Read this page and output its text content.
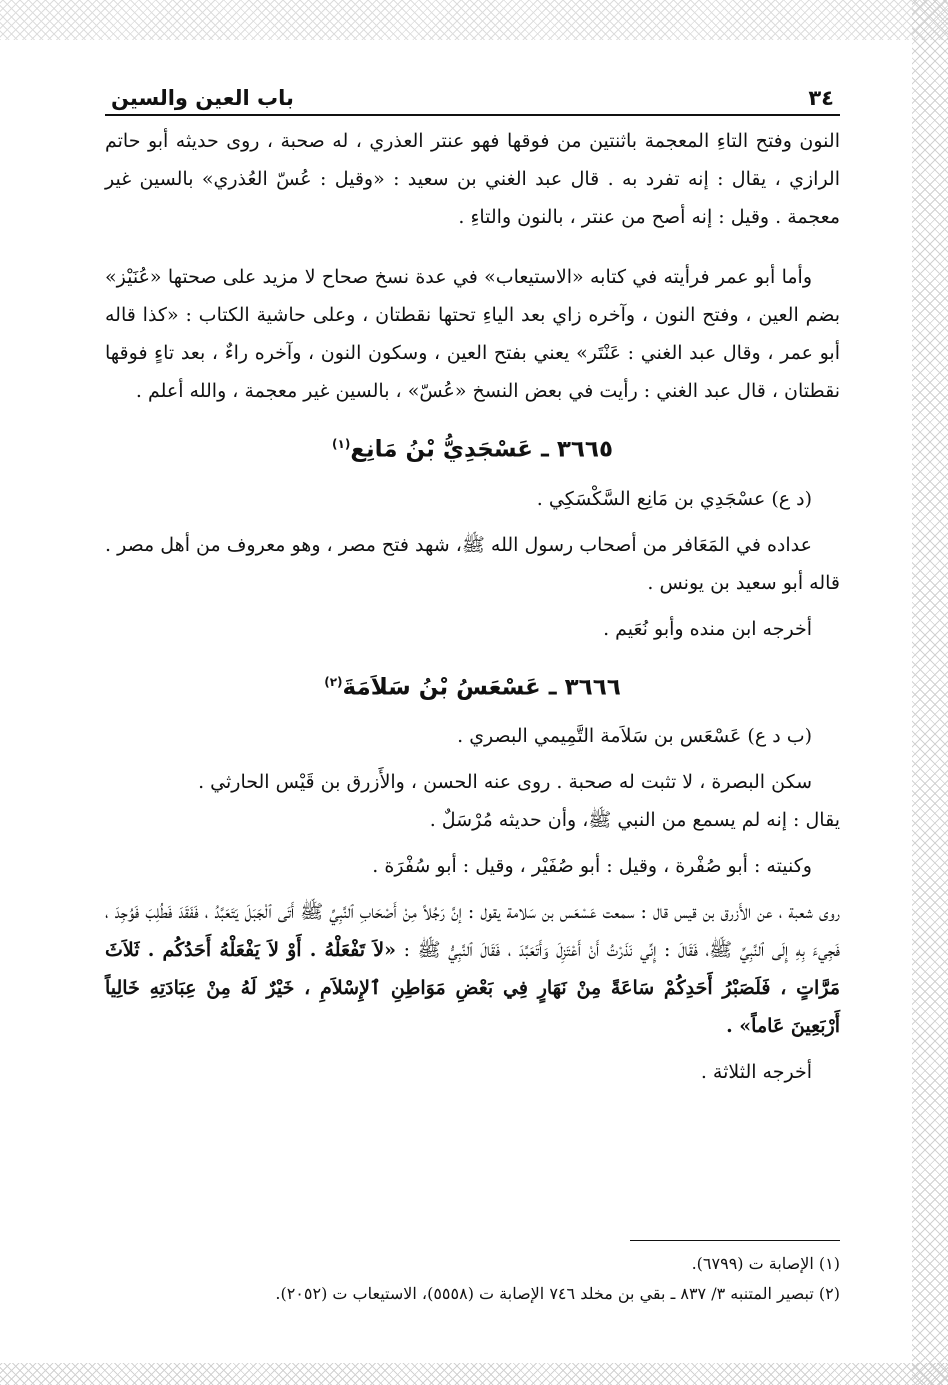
٣٤
باب العين والسين

النون وفتح التاءِ المعجمة باثنتين من فوقها فهو عنتر العذري ، له صحبة ، روى حديثه أبو حاتم الرازي ، يقال : إنه تفرد به . قال عبد الغني بن سعيد : «وقيل : عُسّ العُذري» بالسين غير معجمة . وقيل : إنه أصح من عنتر ، بالنون والتاءِ .

وأما أبو عمر فرأيته في كتابه «الاستيعاب» في عدة نسخ صحاح لا مزيد على صحتها «عُنَيْز» بضم العين ، وفتح النون ، وآخره زاي بعد الياءِ تحتها نقطتان ، وعلى حاشية الكتاب : «كذا قاله أبو عمر ، وقال عبد الغني : عَنْتَر» يعني بفتح العين ، وسكون النون ، وآخره راءٌ ، بعد تاءٍ فوقها نقطتان ، قال عبد الغني : رأيت في بعض النسخ «عُسّ» ، بالسين غير معجمة ، والله أعلم .

٣٦٦٥ ـ عَسْجَدِيُّ بْنُ مَانِع$^{(١)}$

(د ع) عسْجَدِي بن مَانِع السَّكْسَكِي .

عداده في المَعَافر من أصحاب رسول الله ﷺ، شهد فتح مصر ، وهو معروف من أهل مصر . قاله أبو سعيد بن يونس .

أخرجه ابن منده وأبو نُعَيم .

٣٦٦٦ ـ عَسْعَسُ بْنُ سَلاَمَةَ$^{(٢)}$

(ب د ع) عَسْعَس بن سَلاَمة التَّمِيمي البصري .

سكن البصرة ، لا تثبت له صحبة . روى عنه الحسن ، والأَزرق بن قَيْس الحارثي .

يقال : إنه لم يسمع من النبي ﷺ، وأن حديثه مُرْسَلٌ .

وكنيته : أبو صُفْرة ، وقيل : أبو صُفَيْر ، وقيل : أبو سُفْرَة .

روى شعبة ، عن الأَزرق بن قيس قال : سمعت عَسْعَس بن سَلامة يقول : إنَّ رَجُلاً مِنْ أَصْحَابِ ٱلنَّبِيِّ ﷺ أَتَى ٱلْجَبَلَ يَتَعَبَّدُ ، فَفَقَدَ فَطُلِبَ فَوُجِدَ ، فَجِيءَ بِهِ إِلَى ٱلنَّبِيِّ ﷺ، فَقَالَ : إِنِّي نَذَرْتُ أَنْ أَعْتَزِلَ وَأَتَعَبَّدَ ، فَقَالَ ٱلنَّبِيُّ ﷺ : «لاَ تَفْعَلْهُ . أَوْ لاَ يَفْعَلْهُ أَحَدُكُم . ثَلاَثَ مَرَّاتٍ ، فَلَصَبْرُ أَحَدِكُمْ سَاعَةً مِنْ نَهَارٍ فِي بَعْضِ مَوَاطِنِ ٱلإِسْلاَمِ ، خَيْرٌ لَهُ مِنْ عِبَادَتِهِ خَالِياً أَرْبَعِينَ عَاماً» .

أخرجه الثلاثة .

(١) الإصابة ت (٦٧٩٩).

(٢) تبصير المتنبه ٣/ ٨٣٧ ـ بقي بن مخلد ٧٤٦ الإصابة ت (٥٥٥٨)، الاستيعاب ت (٢٠٥٢).
